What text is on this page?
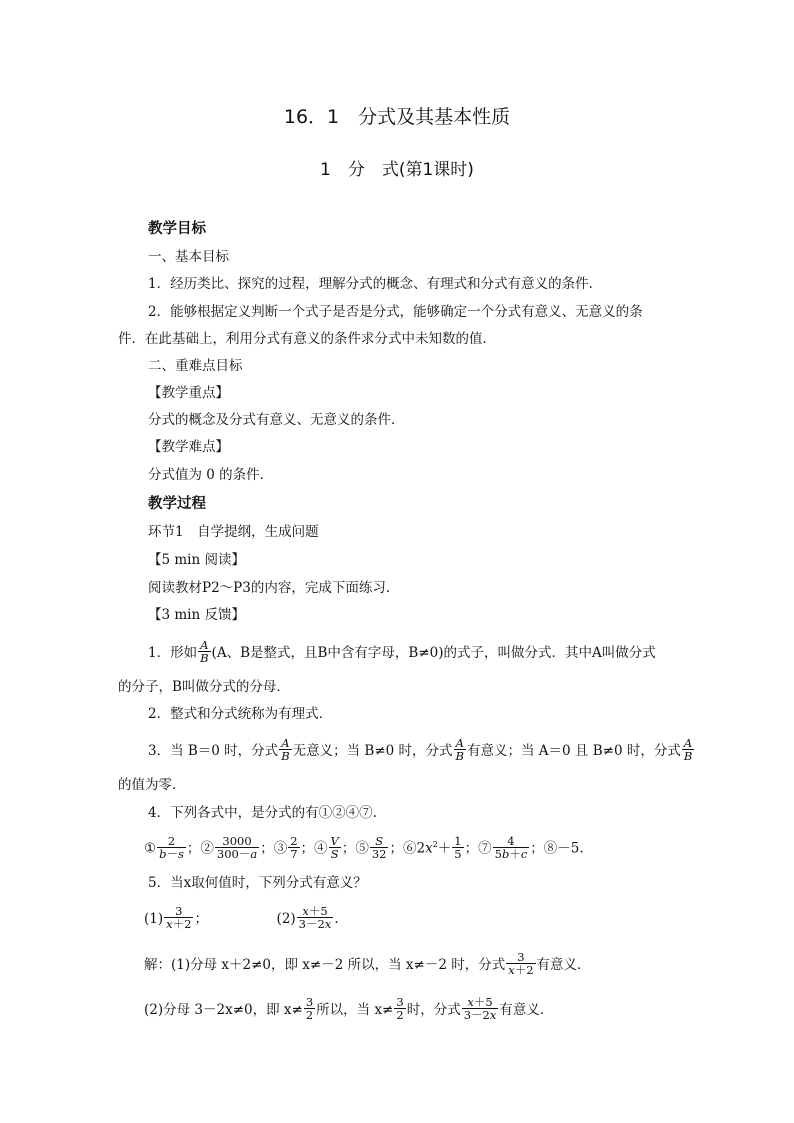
16．1　分式及其基本性质
1　分　式(第1课时)
教学目标
一、基本目标
1．经历类比、探究的过程，理解分式的概念、有理式和分式有意义的条件．
2．能够根据定义判断一个式子是否是分式，能够确定一个分式有意义、无意义的条
件．在此基础上，利用分式有意义的条件求分式中未知数的值．
二、重难点目标
【教学重点】
分式的概念及分式有意义、无意义的条件．
【教学难点】
分式值为 0 的条件．
教学过程
环节1　自学提纲，生成问题
【5 min 阅读】
阅读教材P2～P3的内容，完成下面练习．
【3 min 反馈】
1．形如 $\frac{A}{B} (A$、B是整式，且B中含有字母，B≠0)的式子，叫做分式．其中A叫做分式
的分子，B叫做分式的分母．
2．整式和分式统称为有理式．
3．当 B＝0 时，分式 $\frac{A}{B}$ 无意义；当 B≠0 时，分式 $\frac{A}{B}$ 有意义；当 A＝0 且 B≠0 时，分式 $\frac{A}{B}$
的值为零．
4．下列各式中，是分式的有①②④⑦.
① $\frac{2}{b-s}$ ；② $\frac{3000}{300-a}$ ；③ $\frac{2}{7}$ ；④ $\frac{V}{S}$ ；⑤ $\frac{S}{32}$ ；$⑥2x^2+ \frac{1}{5}$ ；⑦ $\frac{4}{5b+c}$ ；⑧－5.
5．当x取何值时，下列分式有意义？
$(1) \frac{3}{x+2}$ ；	$(2) \frac{x+5}{3-2x}$ .
解：(1)分母 x＋2≠0，即 x≠－2 所以，当 x≠－2 时，分式 $\frac{3}{x+2}$ 有意义．
(2)分母 3－2x≠0，即 $x\ne \frac{3}{2}$ 所以，当 $x\ne \frac{3}{2}$ 时，分式 $\frac{x+5}{3-2x}$ 有意义．
